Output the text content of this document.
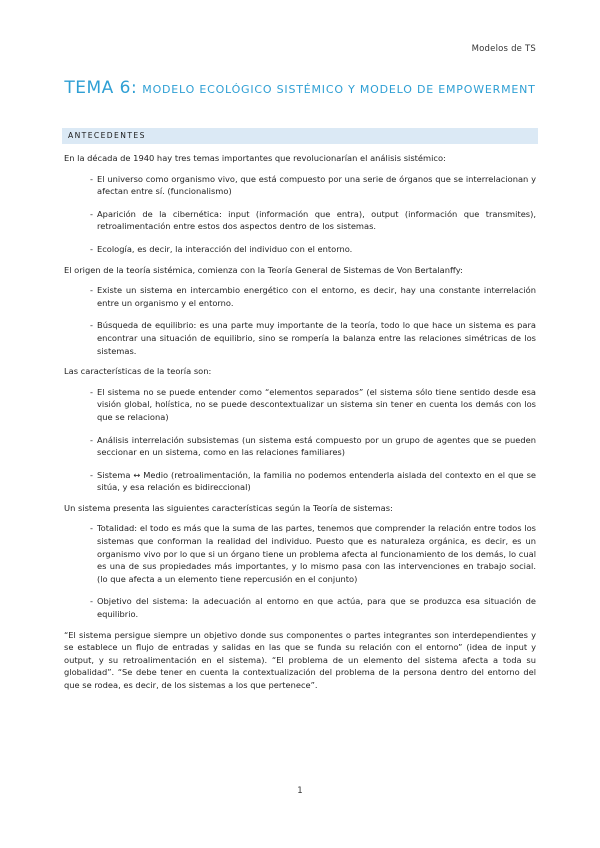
Modelos de TS
TEMA 6: MODELO ECOLÓGICO SISTÉMICO Y MODELO DE EMPOWERMENT
ANTECEDENTES

En la década de 1940 hay tres temas importantes que revolucionarían el análisis sistémico:

- El universo como organismo vivo, que está compuesto por una serie de órganos que se interrelacionan y afectan entre sí. (funcionalismo)
- Aparición de la cibernética: input (información que entra), output (información que transmites), retroalimentación entre estos dos aspectos dentro de los sistemas.
- Ecología, es decir, la interacción del individuo con el entorno.

El origen de la teoría sistémica, comienza con la Teoría General de Sistemas de Von Bertalanffy:

- Existe un sistema en intercambio energético con el entorno, es decir, hay una constante interrelación entre un organismo y el entorno.
- Búsqueda de equilibrio: es una parte muy importante de la teoría, todo lo que hace un sistema es para encontrar una situación de equilibrio, sino se rompería la balanza entre las relaciones simétricas de los sistemas.

Las características de la teoría son:

- El sistema no se puede entender como “elementos separados” (el sistema sólo tiene sentido desde esa visión global, holística, no se puede descontextualizar un sistema sin tener en cuenta los demás con los que se relaciona)
- Análisis interrelación subsistemas (un sistema está compuesto por un grupo de agentes que se pueden seccionar en un sistema, como en las relaciones familiares)
- Sistema ↔ Medio (retroalimentación, la familia no podemos entenderla aislada del contexto en el que se sitúa, y esa relación es bidireccional)

Un sistema presenta las siguientes características según la Teoría de sistemas:

- Totalidad: el todo es más que la suma de las partes, tenemos que comprender la relación entre todos los sistemas que conforman la realidad del individuo. Puesto que es naturaleza orgánica, es decir, es un organismo vivo por lo que si un órgano tiene un problema afecta al funcionamiento de los demás, lo cual es una de sus propiedades más importantes, y lo mismo pasa con las intervenciones en trabajo social. (lo que afecta a un elemento tiene repercusión en el conjunto)
- Objetivo del sistema: la adecuación al entorno en que actúa, para que se produzca esa situación de equilibrio.

“El sistema persigue siempre un objetivo donde sus componentes o partes integrantes son interdependientes y se establece un flujo de entradas y salidas en las que se funda su relación con el entorno” (idea de input y output, y su retroalimentación en el sistema). “El problema de un elemento del sistema afecta a toda su globalidad”. “Se debe tener en cuenta la contextualización del problema de la persona dentro del entorno del que se rodea, es decir, de los sistemas a los que pertenece”.

1
